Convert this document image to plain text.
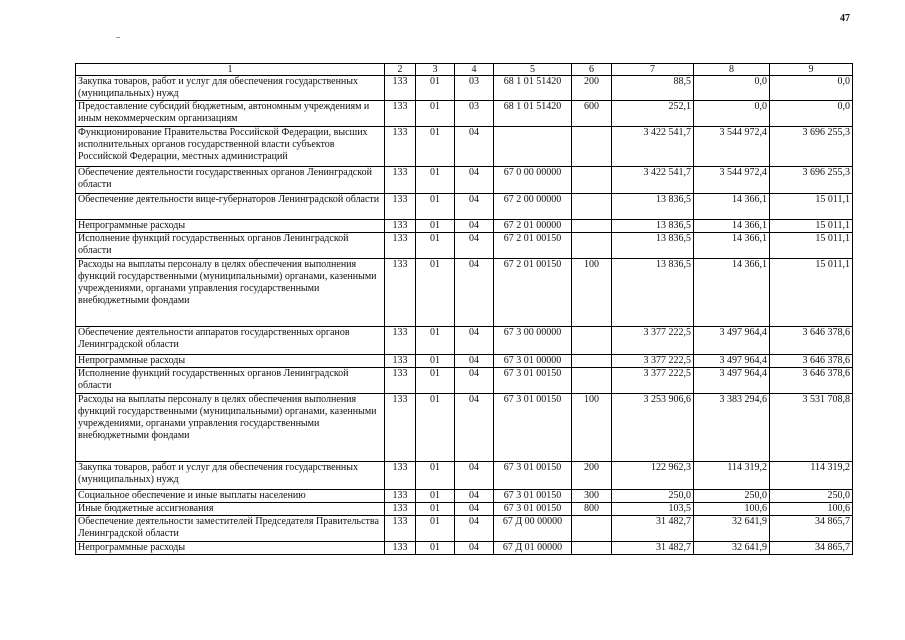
47
1	2	3	4	5	6	7	8	9
Закупка товаров, работ и услуг для обеспечения государственных (муниципальных) нужд	133	01	03	68 1 01 51420	200	88,5	0,0	0,0
Предоставление субсидий бюджетным, автономным учреждениям и иным некоммерческим организациям	133	01	03	68 1 01 51420	600	252,1	0,0	0,0
Функционирование Правительства Российской Федерации, высших исполнительных органов государственной власти субъектов Российской Федерации, местных администраций	133	01	04			3 422 541,7	3 544 972,4	3 696 255,3
Обеспечение деятельности государственных органов Ленинградской области	133	01	04	67 0 00 00000		3 422 541,7	3 544 972,4	3 696 255,3
Обеспечение деятельности вице-губернаторов Ленинградской области	133	01	04	67 2 00 00000		13 836,5	14 366,1	15 011,1
Непрограммные расходы	133	01	04	67 2 01 00000		13 836,5	14 366,1	15 011,1
Исполнение функций государственных органов Ленинградской области	133	01	04	67 2 01 00150		13 836,5	14 366,1	15 011,1
Расходы на выплаты персоналу в целях обеспечения выполнения функций государственными (муниципальными) органами, казенными учреждениями, органами управления государственными внебюджетными фондами	133	01	04	67 2 01 00150	100	13 836,5	14 366,1	15 011,1
Обеспечение деятельности аппаратов государственных органов Ленинградской области	133	01	04	67 3 00 00000		3 377 222,5	3 497 964,4	3 646 378,6
Непрограммные расходы	133	01	04	67 3 01 00000		3 377 222,5	3 497 964,4	3 646 378,6
Исполнение функций государственных органов Ленинградской области	133	01	04	67 3 01 00150		3 377 222,5	3 497 964,4	3 646 378,6
Расходы на выплаты персоналу в целях обеспечения выполнения функций государственными (муниципальными) органами, казенными учреждениями, органами управления государственными внебюджетными фондами	133	01	04	67 3 01 00150	100	3 253 906,6	3 383 294,6	3 531 708,8
Закупка товаров, работ и услуг для обеспечения государственных (муниципальных) нужд	133	01	04	67 3 01 00150	200	122 962,3	114 319,2	114 319,2
Социальное обеспечение и иные выплаты населению	133	01	04	67 3 01 00150	300	250,0	250,0	250,0
Иные бюджетные ассигнования	133	01	04	67 3 01 00150	800	103,5	100,6	100,6
Обеспечение деятельности заместителей Председателя Правительства Ленинградской области	133	01	04	67 Д 00 00000		31 482,7	32 641,9	34 865,7
Непрограммные расходы	133	01	04	67 Д 01 00000		31 482,7	32 641,9	34 865,7
